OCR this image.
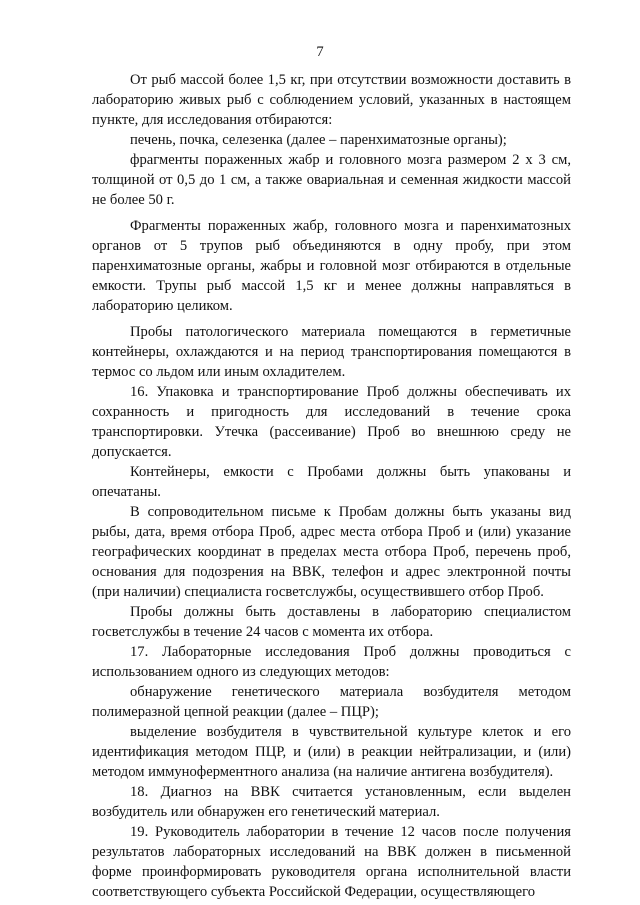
7

От рыб массой более 1,5 кг, при отсутствии возможности доставить в лабораторию живых рыб с соблюдением условий, указанных в настоящем пункте, для исследования отбираются:

печень, почка, селезенка (далее – паренхиматозные органы);

фрагменты пораженных жабр и головного мозга размером 2 х 3 см, толщиной от 0,5 до 1 см, а также овариальная и семенная жидкости массой не более 50 г.

Фрагменты пораженных жабр, головного мозга и паренхиматозных органов от 5 трупов рыб объединяются в одну пробу, при этом паренхиматозные органы, жабры и головной мозг отбираются в отдельные емкости. Трупы рыб массой 1,5 кг и менее должны направляться в лабораторию целиком.

Пробы патологического материала помещаются в герметичные контейнеры, охлаждаются и на период транспортирования помещаются в термос со льдом или иным охладителем.

16. Упаковка и транспортирование Проб должны обеспечивать их сохранность и пригодность для исследований в течение срока транспортировки. Утечка (рассеивание) Проб во внешнюю среду не допускается.

Контейнеры, емкости с Пробами должны быть упакованы и опечатаны.

В сопроводительном письме к Пробам должны быть указаны вид рыбы, дата, время отбора Проб, адрес места отбора Проб и (или) указание географических координат в пределах места отбора Проб, перечень проб, основания для подозрения на ВВК, телефон и адрес электронной почты (при наличии) специалиста госветслужбы, осуществившего отбор Проб.

Пробы должны быть доставлены в лабораторию специалистом госветслужбы в течение 24 часов с момента их отбора.

17. Лабораторные исследования Проб должны проводиться с использованием одного из следующих методов:

обнаружение генетического материала возбудителя методом полимеразной цепной реакции (далее – ПЦР);

выделение возбудителя в чувствительной культуре клеток и его идентификация методом ПЦР, и (или) в реакции нейтрализации, и (или) методом иммуноферментного анализа (на наличие антигена возбудителя).

18. Диагноз на ВВК считается установленным, если выделен возбудитель или обнаружен его генетический материал.

19. Руководитель лаборатории в течение 12 часов после получения результатов лабораторных исследований на ВВК должен в письменной форме проинформировать руководителя органа исполнительной власти соответствующего субъекта Российской Федерации, осуществляющего
